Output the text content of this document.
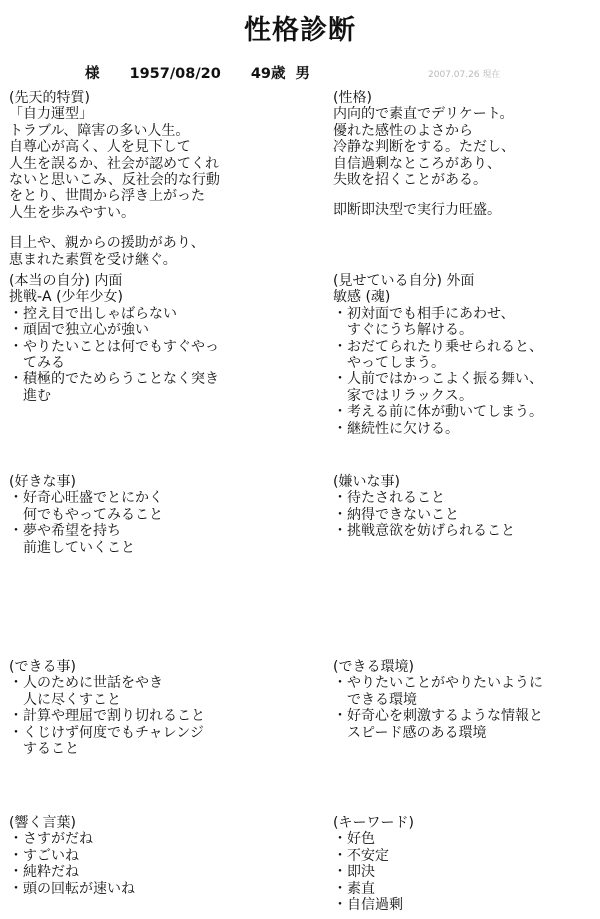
性格診断
様 1957/08/20 49歳 男	2007.07.26 現在
(先天的特質)
「自力運型」
トラブル、障害の多い人生。
自尊心が高く、人を見下して
人生を誤るか、社会が認めてくれ
ないと思いこみ、反社会的な行動
をとり、世間から浮き上がった
人生を歩みやすい。
目上や、親からの援助があり、
恵まれた素質を受け継ぐ。
(性格)
内向的で素直でデリケート。
優れた感性のよさから
冷静な判断をする。ただし、
自信過剰なところがあり、
失敗を招くことがある。
即断即決型で実行力旺盛。
(本当の自分) 内面
挑戦-A (少年少女)
・控え目で出しゃばらない
・頑固で独立心が強い
・やりたいことは何でもすぐやっ
てみる
・積極的でためらうことなく突き
進む
(見せている自分) 外面
敏感 (魂)
・初対面でも相手にあわせ、
すぐにうち解ける。
・おだてられたり乗せられると、
やってしまう。
・人前ではかっこよく振る舞い、
家ではリラックス。
・考える前に体が動いてしまう。
・継続性に欠ける。
(好きな事)
・好奇心旺盛でとにかく
何でもやってみること
・夢や希望を持ち
前進していくこと
(嫌いな事)
・待たされること
・納得できないこと
・挑戦意欲を妨げられること
(できる事)
・人のために世話をやき
人に尽くすこと
・計算や理屈で割り切れること
・くじけず何度でもチャレンジ
すること
(できる環境)
・やりたいことがやりたいように
できる環境
・好奇心を刺激するような情報と
スピード感のある環境
(響く言葉)
・さすがだね
・すごいね
・純粋だね
・頭の回転が速いね
(キーワード)
・好色
・不安定
・即決
・素直
・自信過剰
